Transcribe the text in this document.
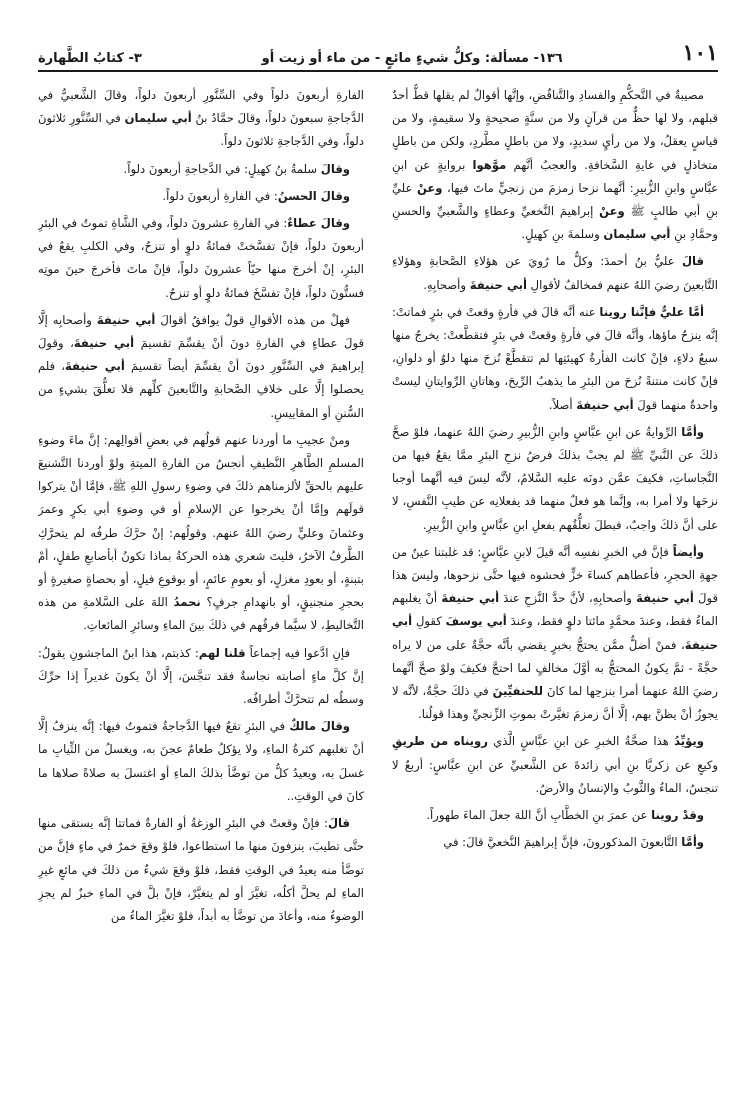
١٠١
١٣٦- مسألة: وكلُّ شيءٍ مائعٍ - من ماء أو زيت أو
٣- كتابُ الطَّهارة

مصيبةٌ في التَّحكُّمِ والفسادِ والتَّناقُضِ، وإنَّها أقوالٌ لم يقلها قطُّ أحدٌ قبلهم، ولا لها حظٌّ من قرآنٍ ولا من سنَّةٍ صحيحةٍ ولا سقيمةٍ، ولا من قياسٍ يعقلُ، ولا من رأيٍ سديدٍ، ولا من باطلٍ مطَّردٍ، ولكن من باطلٍ متخاذلٍ في غايةِ السَّخافةِ. والعجبُ أنَّهم موَّهوا بروايةٍ عن ابنِ عبَّاسٍ وابنِ الزُّبيرِ: أنَّهما نزحا زمزمَ من زنجيٍّ ماتَ فيها، وعنْ عليِّ بنِ أبي طالبٍ ﷺ وعنْ إبراهيمَ النَّخعيِّ وعطاءٍ والشَّعبيِّ والحسنِ وحمَّادِ بنِ أبي سليمان وسلمةَ بنِ كهيلٍ.

قالَ عليُّ بنُ أحمدَ: وكلُّ ما رُويَ عن هؤلاءِ الصَّحابةِ وهؤلاءِ التَّابعينَ رضيَ اللهُ عنهم فمخالفٌ لأقوالِ أبي حنيفةَ وأصحابِهِ.

أمَّا عليٌّ فإنَّنا روينا عنه أنَّه قالَ في فأرةٍ وقعتْ في بئرٍ فماتتْ: إنَّه ينزحُ ماؤها، وأنَّه قالَ في فأرةٍ وقعتْ في بئرٍ فتقطَّعتْ: يخرجُ منها سبعُ دلاءٍ، فإنْ كانت الفأرةُ كهيئتِها لم تتقطَّعْ نُزحَ منها دلوٌ أو دلوانِ، فإنْ كانت منتنةً نُزحَ من البئرِ ما يذهبُ الرِّيحَ، وهاتانِ الرِّوايتانِ ليستْ واحدةٌ منهما قولَ أبي حنيفةَ أصلاً.

وأمَّا الرِّوايةُ عن ابنِ عبَّاسٍ وابنِ الزُّبيرِ رضيَ اللهُ عنهما، فلوْ صحَّ ذلكَ عن النَّبيِّ ﷺ لم يجبْ بذلكَ فرضُ نزحِ البئرِ ممَّا يقعُ فيها من النَّجاساتِ، فكيفَ عمَّن دونَه عليه السَّلامُ، لأنَّه ليسَ فيه أنَّهما أوجبا نزحَها ولا أمرا به، وإنَّما هو فعلٌ منهما قد يفعلانِه عن طيبِ النَّفسِ، لا على أنَّ ذلكَ واجبٌ، فبطلَ تعلُّقُهم بفعلِ ابنِ عبَّاسٍ وابنِ الزُّبيرِ.

وأيضاً فإنَّ في الخبرِ نفسِه أنَّه قيلَ لابنِ عبَّاسٍ: قد غلبتنا عينٌ من جهةِ الحجرِ، فأعطاهم كساءَ خزٍّ فحشوه فيها حتَّى نزحوها، وليسَ هذا قولَ أبي حنيفةَ وأصحابِهِ، لأنَّ حدَّ النَّزحِ عندَ أبي حنيفةَ أنْ يغلبهم الماءُ فقط، وعندَ محمَّدٍ مائتا دلوٍ فقط، وعندَ أبي يوسفَ كقولِ أبي حنيفةَ، فمنْ أضلُّ ممَّن يحتجُّ بخبرٍ يقضي بأنَّه حجَّةٌ على من لا يراه حجَّةً - ثمَّ يكونُ المحتجُّ به أوَّلَ مخالفٍ لما احتجَّ فكيفَ ولوْ صحَّ أنَّهما رضيَ اللهُ عنهما أمرا بنزحِها لما كانَ للحنفيِّينَ في ذلكَ حجَّةٌ، لأنَّه لا يجوزُ أنْ يظنَّ بهم، إلَّا أنَّ زمزمَ تغيَّرتْ بموتِ الزِّنجيِّ وهذا قولُنا.

ويؤيِّدُ هذا صحَّةُ الخبرِ عن ابنِ عبَّاسٍ الَّذي رويناه من طريقِ وكيعٍ عن زكريَّا بنِ أبي زائدةَ عن الشَّعبيِّ عن ابنِ عبَّاسٍ: أربعٌ لا تنجسُ، الماءُ والثَّوبُ والإنسانُ والأرضُ.

وقدْ روينا عن عمرَ بنِ الخطَّابِ أنَّ اللهَ جعلَ الماءَ طهوراً.

وأمَّا التَّابعونَ المذكورونَ، فإنَّ إبراهيمَ النَّخعيَّ قالَ: في

الفارةِ أربعونَ دلواً وفي السِّنَّورِ أربعونَ دلواً، وقالَ الشَّعبيُّ في الدَّجاجةِ سبعونَ دلواً، وقالَ حمَّادُ بنُ أبي سليمان في السِّنَّورِ ثلاثونَ دلواً، وفي الدَّجاجةِ ثلاثونَ دلواً.

وقالَ سلمةُ بنُ كهيلٍ: في الدَّجاجةِ أربعونَ دلواً.

وقالَ الحسنُ: في الفارةِ أربعونَ دلواً.

وقالَ عطاءٌ: في الفارةِ عشرونَ دلواً، وفي الشَّاةِ تموتُ في البئرِ أربعونَ دلواً، فإنْ تفسَّختْ فمائةُ دلوٍ أو تنزحُ، وفي الكلبِ يقعُ في البئرِ، إنْ أخرجَ منها حيّاً عشرونَ دلواً، فإنْ ماتَ فأخرجَ حينَ موتِه فستُّونَ دلواً، فإنْ تفسَّخَ فمائةُ دلوٍ أو تنزحُ.

فهلْ من هذه الأقوالِ قولٌ يوافقُ أقوالَ أبي حنيفةَ وأصحابِه إلَّا قولَ عطاءٍ في الفارةِ دونَ أنْ يقسِّمَ تقسيمَ أبي حنيفةَ، وقولَ إبراهيمَ في السِّنَّورِ دونَ أنْ يقسِّمَ أيضاً تقسيمَ أبي حنيفةَ، فلم يحصلوا إلَّا على خلافِ الصَّحابةِ والتَّابعينَ كلِّهم فلا تعلُّقَ بشيءٍ من السُّننِ أو المقاييسِ.

ومنْ عجيبِ ما أوردنا عنهم قولُهم في بعضِ أقوالِهم: إنَّ ماءَ وضوءِ المسلمِ الطَّاهرِ النَّظيفِ أنجسُ من الفارةِ الميتةِ ولوْ أوردنا التَّشنيعَ عليهم بالحقِّ لألزمناهم ذلكَ في وضوءِ رسولِ اللهِ ﷺ، فإمَّا أنْ يتركوا قولَهم وإمَّا أنْ يخرجوا عن الإسلامِ أو في وضوءِ أبي بكرٍ وعمرَ وعثمانَ وعليٍّ رضيَ اللهُ عنهم. وقولُهم: إنْ حرَّكَ طرفُه لم يتحرَّكِ الطَّرفُ الآخرُ، فليتَ شعري هذه الحركةُ بماذا تكونُ أبأصابعِ طفلٍ، أمْ بتبنةٍ، أو بعودِ مغزلٍ، أو بعومِ عائمٍ، أو بوقوعِ فيلٍ، أو بحصاةٍ صغيرةٍ أو بحجرِ منجنيقٍ، أو بانهدامِ جرفٍ؟ نحمدُ اللهَ على السَّلامةِ من هذه التَّخاليطِ، لا سيَّما فرقُهم في ذلكَ بينَ الماءِ وسائرِ المائعاتِ.

فإنِ ادَّعوا فيه إجماعاً قلنا لهم: كذبتم، هذا ابنُ الماجشونِ يقولُ: إنَّ كلَّ ماءٍ أصابته نجاسةٌ فقد تنجَّسَ، إلَّا أنْ يكونَ غديراً إذا حرِّكَ وسطُه لم تتحرَّكْ أطرافُه.

وقالَ مالكٌ في البئرِ تقعُ فيها الدَّجاجةُ فتموتُ فيها: إنَّه ينزفُ إلَّا أنْ تغلبهم كثرةُ الماءِ، ولا يؤكلُ طعامٌ عجنَ به، ويغسلُ من الثِّيابِ ما غسلَ به، ويعيدُ كلُّ من توضَّأ بذلكَ الماءِ أو اغتسلَ به صلاةً صلاها ما كانَ في الوقتِ..

قالَ: فإنْ وقعتْ في البئرِ الوزغةُ أو الفارةُ فماتتا إنَّه يستقى منها حتَّى تطيبَ، ينزفونَ منها ما استطاعوا، فلوْ وقعَ خمرٌ في ماءٍ فإنَّ من توضَّأ منه يعيدُ في الوقتِ فقط، فلوْ وقعَ شيءٌ من ذلكَ في مائعٍ غيرِ الماءِ لم يحلَّ أكلُه، تغيَّرَ أو لم يتغيَّرْ، فإنْ بلَّ في الماءِ خبزٌ لم يجزِ الوضوءُ منه، وأعادَ من توضَّأ به أبداً، فلوْ تغيَّرَ الماءُ من
